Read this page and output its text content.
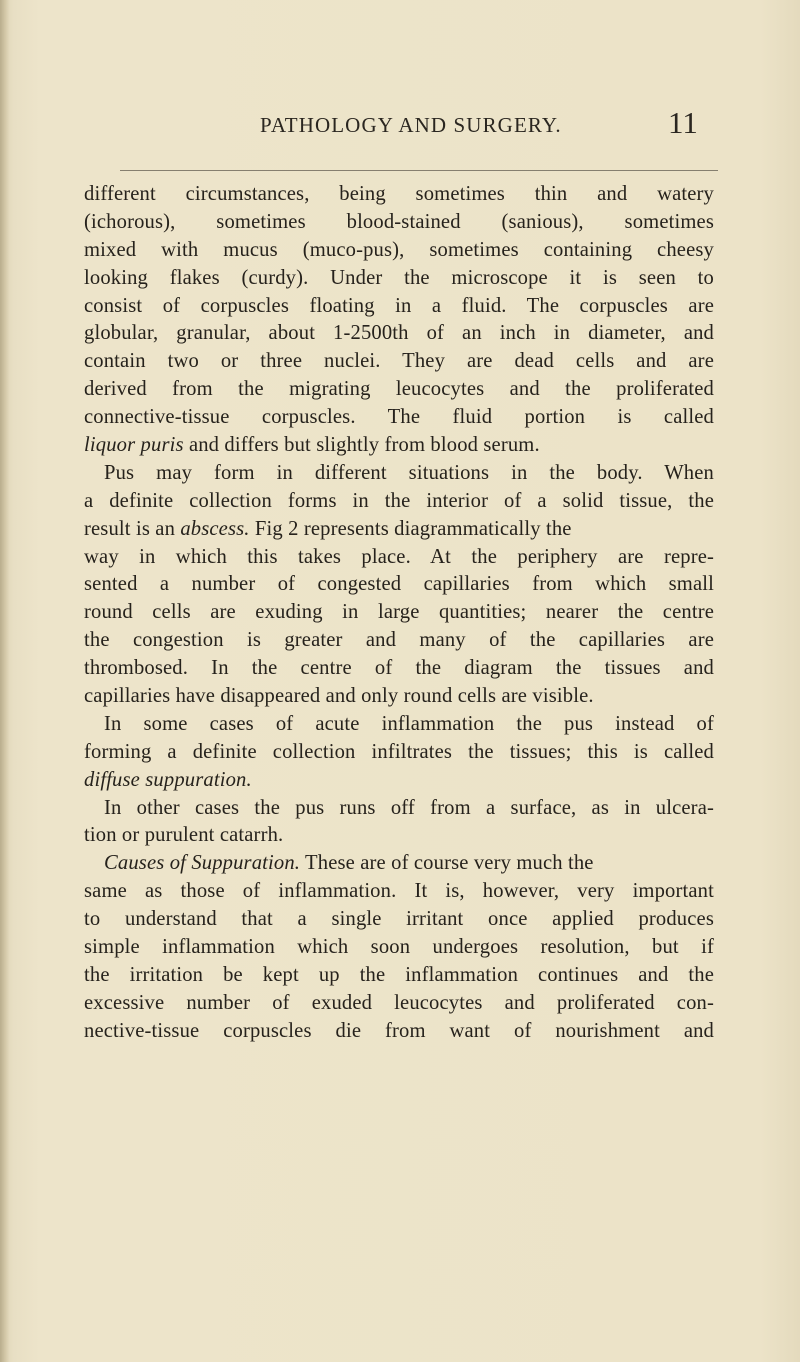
PATHOLOGY AND SURGERY.	11
different circumstances, being sometimes thin and watery
(ichorous), sometimes blood-stained (sanious), sometimes
mixed with mucus (muco-pus), sometimes containing cheesy
looking flakes (curdy). Under the microscope it is seen to
consist of corpuscles floating in a fluid. The corpuscles are
globular, granular, about 1-2500th of an inch in diameter, and
contain two or three nuclei. They are dead cells and are
derived from the migrating leucocytes and the proliferated
connective-tissue corpuscles. The fluid portion is called
liquor puris and differs but slightly from blood serum.
Pus may form in different situations in the body. When
a definite collection forms in the interior of a solid tissue, the
result is an abscess. Fig 2 represents diagrammatically the
way in which this takes place. At the periphery are repre-
sented a number of congested capillaries from which small
round cells are exuding in large quantities; nearer the centre
the congestion is greater and many of the capillaries are
thrombosed. In the centre of the diagram the tissues and
capillaries have disappeared and only round cells are visible.
In some cases of acute inflammation the pus instead of
forming a definite collection infiltrates the tissues; this is called
diffuse suppuration.
In other cases the pus runs off from a surface, as in ulcera-
tion or purulent catarrh.
Causes of Suppuration. These are of course very much the
same as those of inflammation. It is, however, very important
to understand that a single irritant once applied produces
simple inflammation which soon undergoes resolution, but if
the irritation be kept up the inflammation continues and the
excessive number of exuded leucocytes and proliferated con-
nective-tissue corpuscles die from want of nourishment and
